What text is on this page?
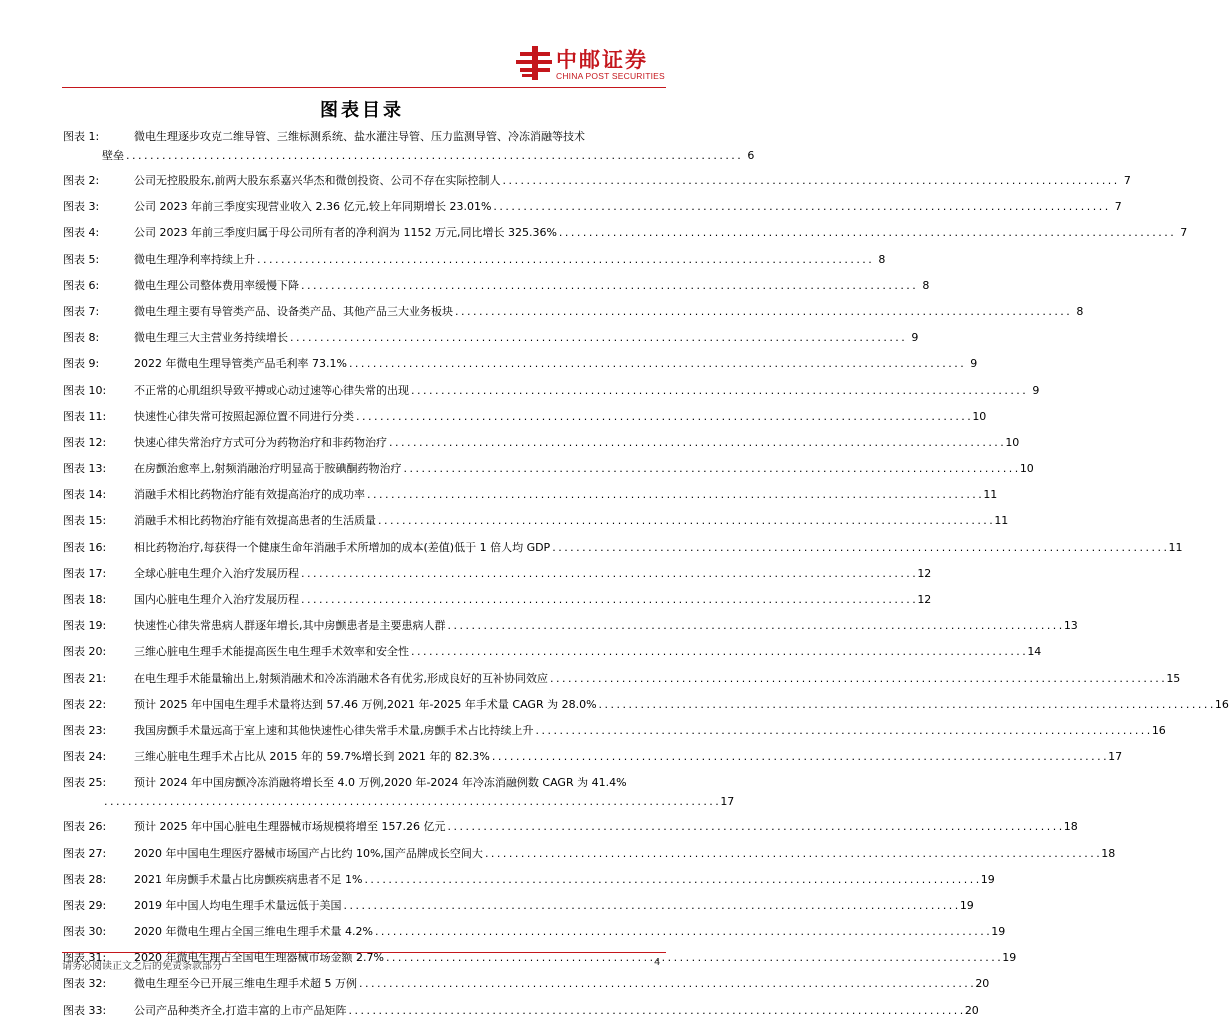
中邮证券
CHINA POST SECURITIES
图表目录
图表 1:	微电生理逐步攻克二维导管、三维标测系统、盐水灌注导管、压力监测导管、冷冻消融等技术
壁垒 . . .	6
图表 2:	公司无控股股东,前两大股东系嘉兴华杰和微创投资、公司不存在实际控制人 . . .	7
图表 3:	公司 2023 年前三季度实现营业收入 2.36 亿元,较上年同期增长 23.01% . . .	7
图表 4:	公司 2023 年前三季度归属于母公司所有者的净利润为 1152 万元,同比增长 325.36% . . .	7
图表 5:	微电生理净利率持续上升 . . .	8
图表 6:	微电生理公司整体费用率缓慢下降 . . .	8
图表 7:	微电生理主要有导管类产品、设备类产品、其他产品三大业务板块 . . .	8
图表 8:	微电生理三大主营业务持续增长 . . .	9
图表 9:	2022 年微电生理导管类产品毛利率 73.1% . . .	9
图表 10:	不正常的心肌组织导致平搏或心动过速等心律失常的出现 . . .	9
图表 11:	快速性心律失常可按照起源位置不同进行分类 . . .	10
图表 12:	快速心律失常治疗方式可分为药物治疗和非药物治疗 . . .	10
图表 13:	在房颤治愈率上,射频消融治疗明显高于胺碘酮药物治疗 . . .	10
图表 14:	消融手术相比药物治疗能有效提高治疗的成功率 . . .	11
图表 15:	消融手术相比药物治疗能有效提高患者的生活质量 . . .	11
图表 16:	相比药物治疗,每获得一个健康生命年消融手术所增加的成本(差值)低于 1 倍人均 GDP . . .	11
图表 17:	全球心脏电生理介入治疗发展历程 . . .	12
图表 18:	国内心脏电生理介入治疗发展历程 . . .	12
图表 19:	快速性心律失常患病人群逐年增长,其中房颤患者是主要患病人群 . . .	13
图表 20:	三维心脏电生理手术能提高医生电生理手术效率和安全性 . . .	14
图表 21:	在电生理手术能量输出上,射频消融术和冷冻消融术各有优劣,形成良好的互补协同效应 . . .	15
图表 22:	预计 2025 年中国电生理手术量将达到 57.46 万例,2021 年-2025 年手术量 CAGR 为 28.0% . . .	16
图表 23:	我国房颤手术量远高于室上速和其他快速性心律失常手术量,房颤手术占比持续上升 . . .	16
图表 24:	三维心脏电生理手术占比从 2015 年的 59.7%增长到 2021 年的 82.3% . . .	17
图表 25:	预计 2024 年中国房颤冷冻消融将增长至 4.0 万例,2020 年-2024 年冷冻消融例数 CAGR 为 41.4%
. . .
17
图表 26:	预计 2025 年中国心脏电生理器械市场规模将增至 157.26 亿元 . . .	18
图表 27:	2020 年中国电生理医疗器械市场国产占比约 10%,国产品牌成长空间大 . . .	18
图表 28:	2021 年房颤手术量占比房颤疾病患者不足 1% . . .	19
图表 29:	2019 年中国人均电生理手术量远低于美国 . . .	19
图表 30:	2020 年微电生理占全国三维电生理手术量 4.2% . . .	19
图表 31:	2020 年微电生理占全国电生理器械市场金额 2.7% . . .	19
图表 32:	微电生理至今已开展三维电生理手术超 5 万例 . . .	20
图表 33:	公司产品种类齐全,打造丰富的上市产品矩阵 . . .	20
请务必阅读正文之后的免责条款部分	4
